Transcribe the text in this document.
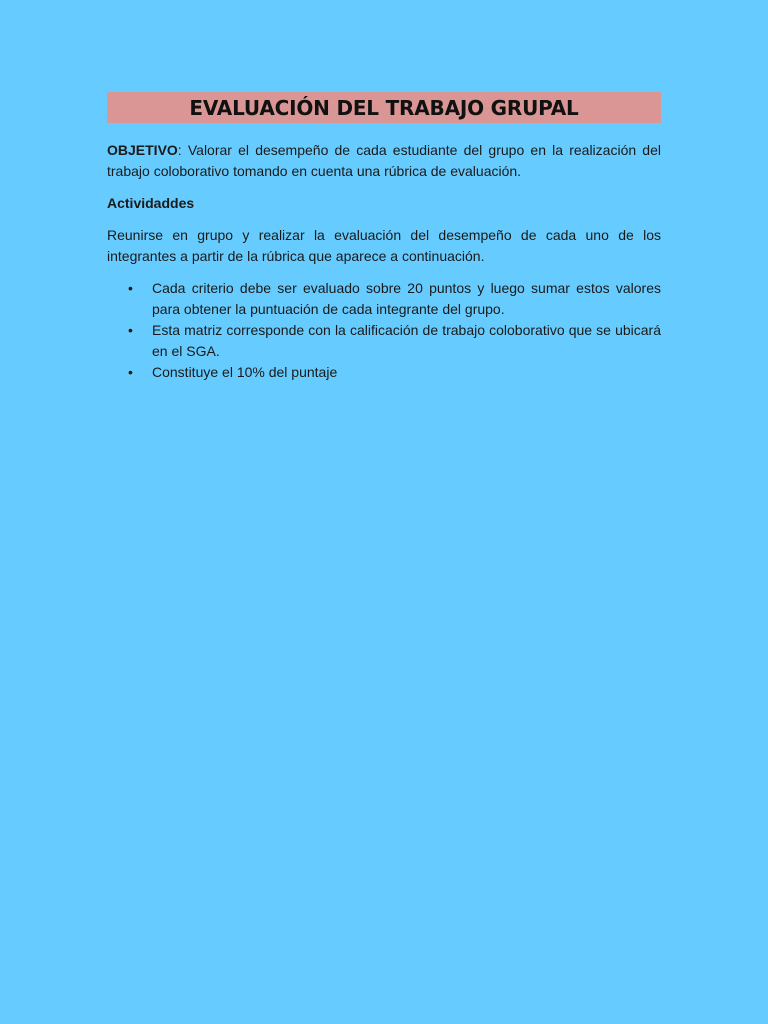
EVALUACIÓN DEL TRABAJO GRUPAL

OBJETIVO: Valorar el desempeño de cada estudiante del grupo en la realización del trabajo coloborativo tomando en cuenta una rúbrica de evaluación.

Actividaddes

Reunirse en grupo y realizar la evaluación del desempeño de cada uno de los integrantes a partir de la rúbrica que aparece a continuación.

• Cada criterio debe ser evaluado sobre 20 puntos y luego sumar estos valores para obtener la puntuación de cada integrante del grupo.
• Esta matriz corresponde con la calificación de trabajo coloborativo que se ubicará en el SGA.
• Constituye el 10% del puntaje
